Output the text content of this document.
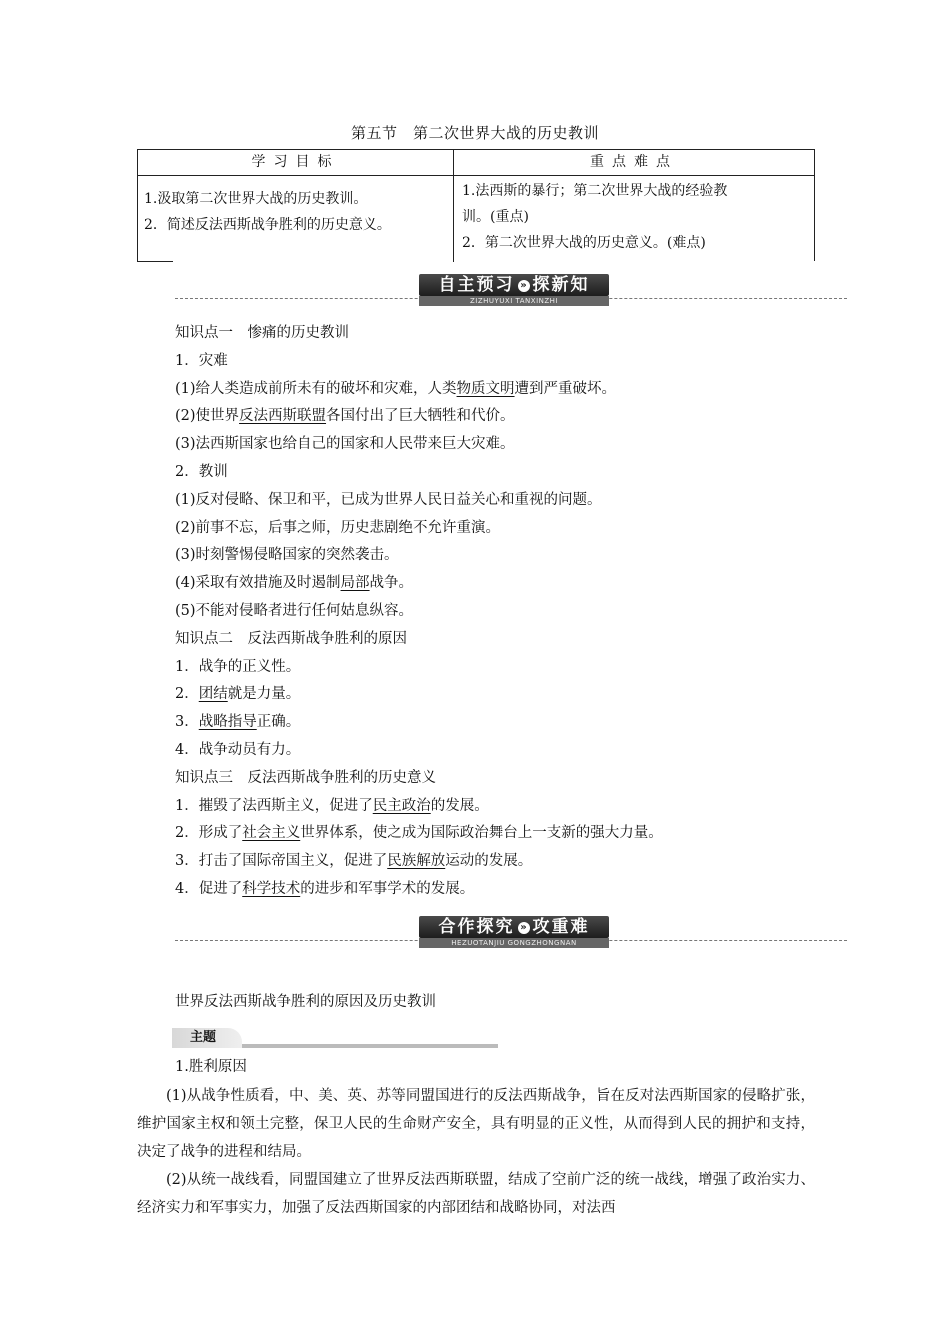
第五节　第二次世界大战的历史教训
学习目标	重点难点
1.汲取第二次世界大战的历史教训。
2．简述反法西斯战争胜利的历史意义。
1.法西斯的暴行；第二次世界大战的经验教
训。(重点)
2．第二次世界大战的历史意义。(难点)
自主预习 » 探新知
ZIZHUYUXI TANXINZHI
知识点一　惨痛的历史教训
1．灾难
(1)给人类造成前所未有的破坏和灾难，人类物质文明遭到严重破坏。
(2)使世界反法西斯联盟各国付出了巨大牺牲和代价。
(3)法西斯国家也给自己的国家和人民带来巨大灾难。
2．教训
(1)反对侵略、保卫和平，已成为世界人民日益关心和重视的问题。
(2)前事不忘，后事之师，历史悲剧绝不允许重演。
(3)时刻警惕侵略国家的突然袭击。
(4)采取有效措施及时遏制局部战争。
(5)不能对侵略者进行任何姑息纵容。
知识点二　反法西斯战争胜利的原因
1．战争的正义性。
2．团结就是力量。
3．战略指导正确。
4．战争动员有力。
知识点三　反法西斯战争胜利的历史意义
1．摧毁了法西斯主义，促进了民主政治的发展。
2．形成了社会主义世界体系，使之成为国际政治舞台上一支新的强大力量。
3．打击了国际帝国主义，促进了民族解放运动的发展。
4．促进了科学技术的进步和军事学术的发展。
合作探究 » 攻重难
HEZUOTANJIU GONGZHONGNAN
世界反法西斯战争胜利的原因及历史教训
主题
1.胜利原因
(1)从战争性质看，中、美、英、苏等同盟国进行的反法西斯战争，旨在反对法西斯国家的侵略扩张，维护国家主权和领土完整，保卫人民的生命财产安全，具有明显的正义性，从而得到人民的拥护和支持，决定了战争的进程和结局。
(2)从统一战线看，同盟国建立了世界反法西斯联盟，结成了空前广泛的统一战线，增强了政治实力、经济实力和军事实力，加强了反法西斯国家的内部团结和战略协同，对法西
